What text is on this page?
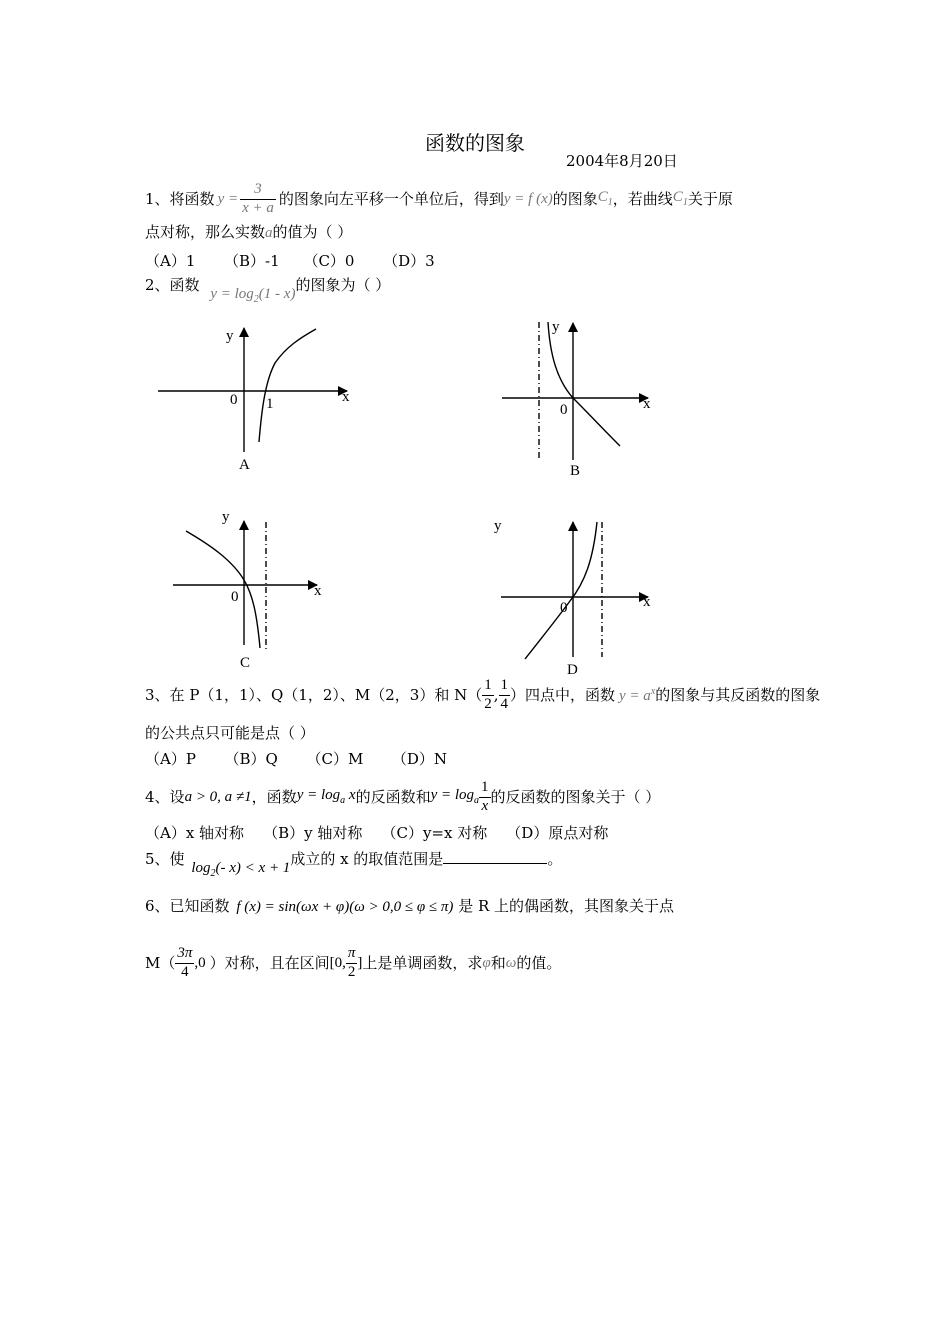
函数的图象
2004年8月20日
1、 将函数 $y = \frac{3}{x + a}$ 的图象向左平移一个单位后，得到 y = f (x) 的图象 $C_1$ ，若曲线 $C_1$ 关于原
点对称，那么实数a的值为（ ）
（A）1      （B）-1     （C）0      （D）3
2、函数 $y = \log_2(1 - x)$的图象为（ ）
y
x
0 1
A
y
x
0
B
y
x
0
C
y
x
0
D
3、 在 P（1，1）、Q（1，2）、M（2，3）和 $N( \frac{1}{2}$ , $\frac{1}{4}$ ）四点中，函数 $y = a^x$ 的图象与其反函数的图象
的公共点只可能是点（ ）
（A）P      （B）Q      （C）M      （D）N
4、 设 a > 0, a ≠1 ，函数 $y = \log_a x$ 的反函数和 $y = \log_a \frac{1}{x}$ 的反函数的图象关于（ ）
（A）x 轴对称    （B）y 轴对称    （C）y=x 对称    （D）原点对称
5、使 $\log_2(-$ x) < x + 1成立的 x 的取值范围是	。
6、已知函数 f (x) = sin(ωx + φ)(ω > 0,0 ≤ φ ≤ π) 是 R 上的偶函数，其图象关于点
$M( \frac{3\pi}{4} ,0$ ）对称，且在区间 [0, $\frac{\pi}{2}$ ] 上是单调函数，求 φ 和 ω 的值。
